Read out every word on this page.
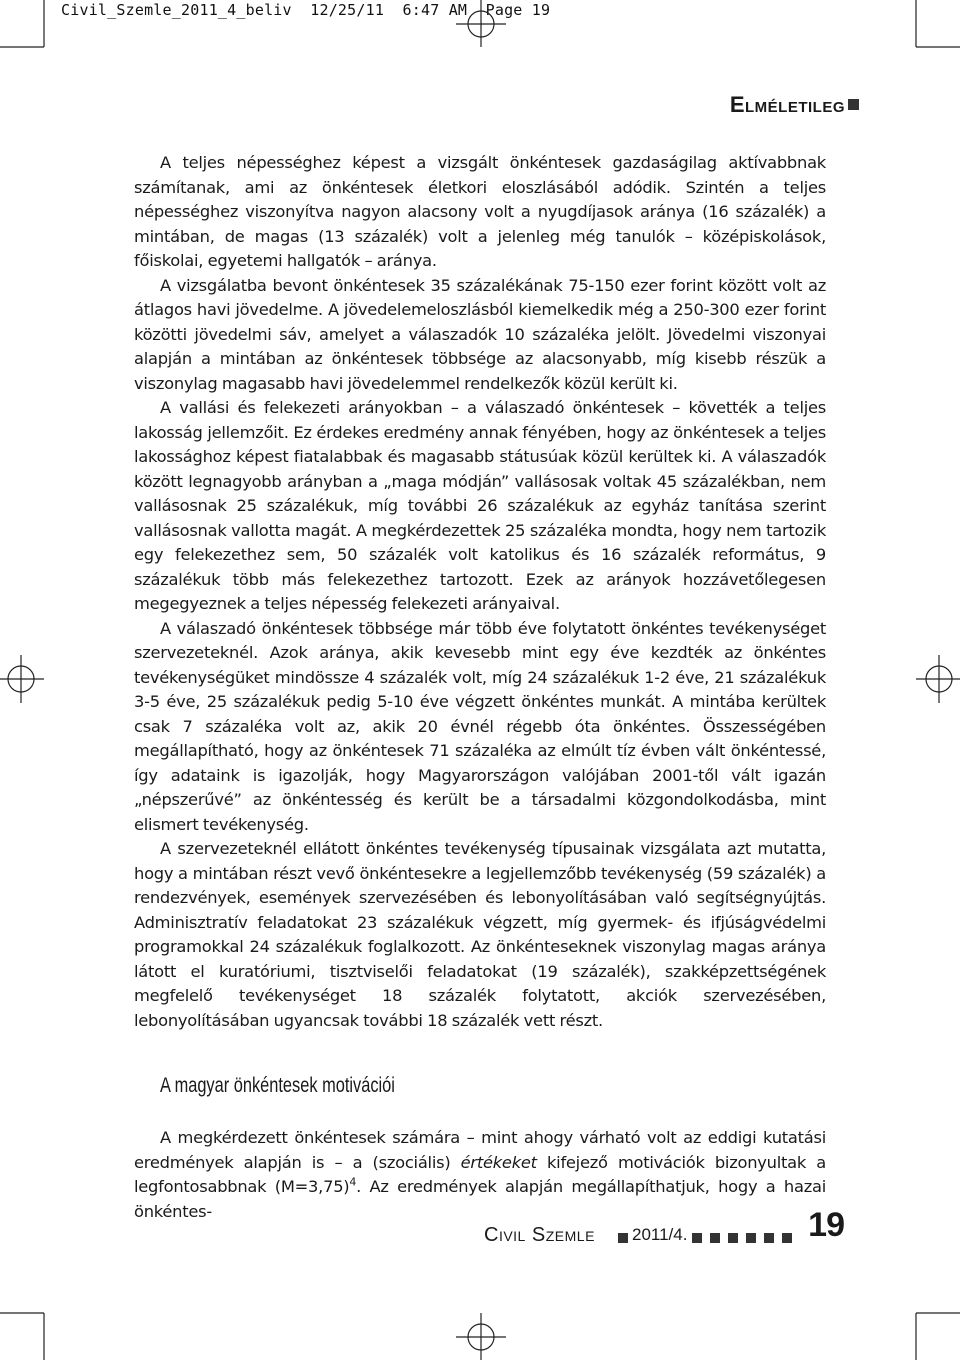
Civil_Szemle_2011_4_beliv  12/25/11  6:47 AM  Page 19
Elméletileg

A teljes népességhez képest a vizsgált önkéntesek gazdaságilag aktívabbnak számítanak, ami az önkéntesek életkori eloszlásából adódik. Szintén a teljes népességhez viszonyítva nagyon alacsony volt a nyugdíjasok aránya (16 százalék) a mintában, de magas (13 százalék) volt a jelenleg még tanulók – középiskolások, főiskolai, egyetemi hallgatók – aránya.

A vizsgálatba bevont önkéntesek 35 százalékának 75-150 ezer forint között volt az átlagos havi jövedelme. A jövedelemeloszlásból kiemelkedik még a 250-300 ezer forint közötti jövedelmi sáv, amelyet a válaszadók 10 százaléka jelölt. Jövedelmi viszonyai alapján a mintában az önkéntesek többsége az alacsonyabb, míg kisebb részük a viszonylag magasabb havi jövedelemmel rendelkezők közül került ki.

A vallási és felekezeti arányokban – a válaszadó önkéntesek – követték a teljes lakosság jellemzőit. Ez érdekes eredmény annak fényében, hogy az önkéntesek a teljes lakossághoz képest fiatalabbak és magasabb státusúak közül kerültek ki. A válaszadók között legnagyobb arányban a „maga módján” vallásosak voltak 45 százalékban, nem vallásosnak 25 százalékuk, míg további 26 százalékuk az egyház tanítása szerint vallásosnak vallotta magát. A megkérdezettek 25 százaléka mondta, hogy nem tartozik egy felekezethez sem, 50 százalék volt katolikus és 16 százalék református, 9 százalékuk több más felekezethez tartozott. Ezek az arányok hozzávetőlegesen megegyeznek a teljes népesség felekezeti arányaival.

A válaszadó önkéntesek többsége már több éve folytatott önkéntes tevékenységet szervezeteknél. Azok aránya, akik kevesebb mint egy éve kezdték az önkéntes tevékenységüket mindössze 4 százalék volt, míg 24 százalékuk 1-2 éve, 21 százalékuk 3-5 éve, 25 százalékuk pedig 5-10 éve végzett önkéntes munkát. A mintába kerültek csak 7 százaléka volt az, akik 20 évnél régebb óta önkéntes. Összességében megállapítható, hogy az önkéntesek 71 százaléka az elmúlt tíz évben vált önkéntessé, így adataink is igazolják, hogy Magyarországon valójában 2001-től vált igazán „népszerűvé” az önkéntesség és került be a társadalmi közgondolkodásba, mint elismert tevékenység.

A szervezeteknél ellátott önkéntes tevékenység típusainak vizsgálata azt mutatta, hogy a mintában részt vevő önkéntesekre a legjellemzőbb tevékenység (59 százalék) a rendezvények, események szervezésében és lebonyolításában való segítségnyújtás. Adminisztratív feladatokat 23 százalékuk végzett, míg gyermek- és ifjúságvédelmi programokkal 24 százalékuk foglalkozott. Az önkénteseknek viszonylag magas aránya látott el kuratóriumi, tisztviselői feladatokat (19 százalék), szakképzettségének megfelelő tevékenységet 18 százalék folytatott, akciók szervezésében, lebonyolításában ugyancsak további 18 százalék vett részt.

A magyar önkéntesek motivációi

A megkérdezett önkéntesek számára – mint ahogy várható volt az eddigi kutatási eredmények alapján is – a (szociális) értékeket kifejező motivációk bizonyultak a legfontosabbnak (M=3,75)$^4$. Az eredmények alapján megállapíthatjuk, hogy a hazai önkéntes-

Civil Szemle 2011/4.	19
